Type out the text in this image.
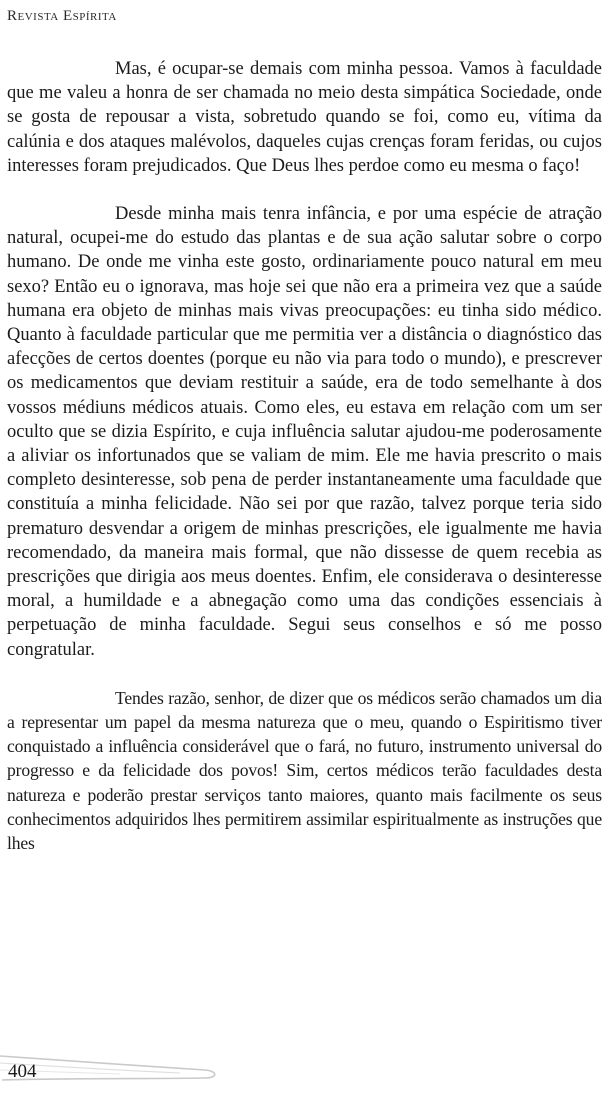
Revista Espírita

Mas, é ocupar-se demais com minha pessoa. Vamos à faculdade que me valeu a honra de ser chamada no meio desta simpática Sociedade, onde se gosta de repousar a vista, sobretudo quando se foi, como eu, vítima da calúnia e dos ataques malévolos, daqueles cujas crenças foram feridas, ou cujos interesses foram prejudicados. Que Deus lhes perdoe como eu mesma o faço!

Desde minha mais tenra infância, e por uma espécie de atração natural, ocupei-me do estudo das plantas e de sua ação salutar sobre o corpo humano. De onde me vinha este gosto, ordinariamente pouco natural em meu sexo? Então eu o ignorava, mas hoje sei que não era a primeira vez que a saúde humana era objeto de minhas mais vivas preocupações: eu tinha sido médico. Quanto à faculdade particular que me permitia ver a distância o diagnóstico das afecções de certos doentes (porque eu não via para todo o mundo), e prescrever os medicamentos que deviam restituir a saúde, era de todo semelhante à dos vossos médiuns médicos atuais. Como eles, eu estava em relação com um ser oculto que se dizia Espírito, e cuja influência salutar ajudou-me poderosamente a aliviar os infortunados que se valiam de mim. Ele me havia prescrito o mais completo desinteresse, sob pena de perder instantaneamente uma faculdade que constituía a minha felicidade. Não sei por que razão, talvez porque teria sido prematuro desvendar a origem de minhas prescrições, ele igualmente me havia recomendado, da maneira mais formal, que não dissesse de quem recebia as prescrições que dirigia aos meus doentes. Enfim, ele considerava o desinteresse moral, a humildade e a abnegação como uma das condições essenciais à perpetuação de minha faculdade. Segui seus conselhos e só me posso congratular.

Tendes razão, senhor, de dizer que os médicos serão chamados um dia a representar um papel da mesma natureza que o meu, quando o Espiritismo tiver conquistado a influência considerável que o fará, no futuro, instrumento universal do progresso e da felicidade dos povos! Sim, certos médicos terão faculdades desta natureza e poderão prestar serviços tanto maiores, quanto mais facilmente os seus conhecimentos adquiridos lhes permitirem assimilar espiritualmente as instruções que lhes

404
